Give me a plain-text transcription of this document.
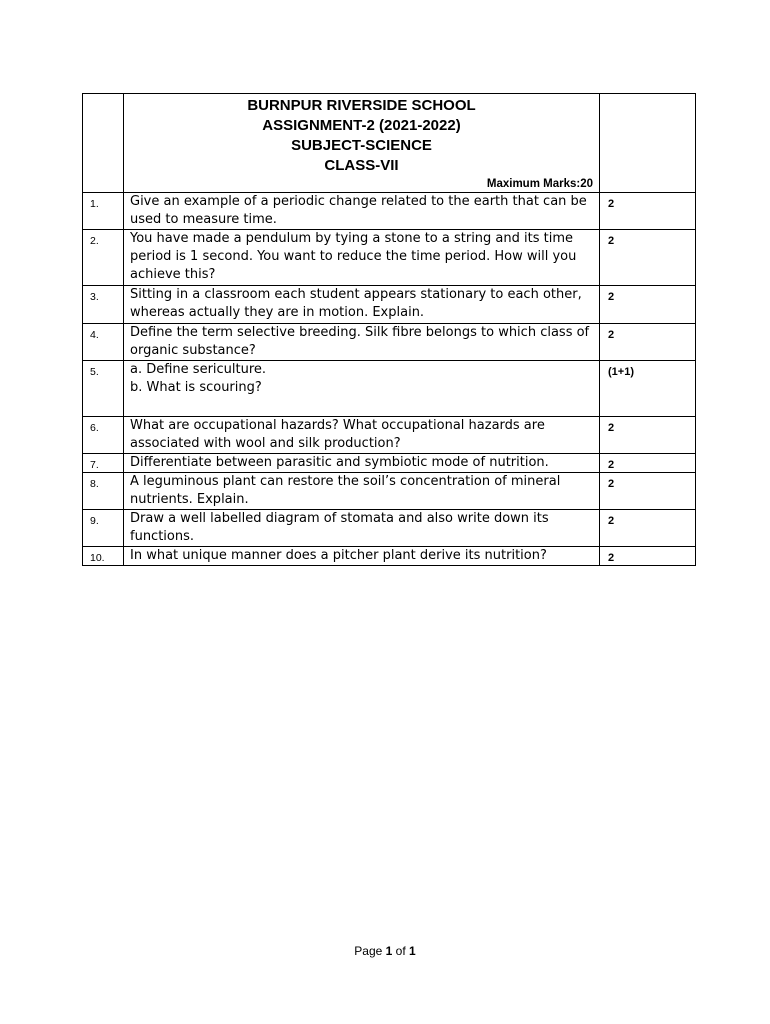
	BURNPUR RIVERSIDE SCHOOL
ASSIGNMENT-2 (2021-2022)
SUBJECT-SCIENCE
CLASS-VII
Maximum Marks:20	

1.	Give an example of a periodic change related to the earth that can be used to measure time.	2
2.	You have made a pendulum by tying a stone to a string and its time period is 1 second. You want to reduce the time period. How will you achieve this?	2
3.	Sitting in a classroom each student appears stationary to each other, whereas actually they are in motion. Explain.	2
4.	Define the term selective breeding. Silk fibre belongs to which class of organic substance?	2
5.	a. Define sericulture.
b. What is scouring?	(1+1)
6.	What are occupational hazards? What occupational hazards are associated with wool and silk production?	2
7.	Differentiate between parasitic and symbiotic mode of nutrition.	2
8.	A leguminous plant can restore the soil’s concentration of mineral nutrients. Explain.	2
9.	Draw a well labelled diagram of stomata and also write down its functions.	2
10.	In what unique manner does a pitcher plant derive its nutrition?	2
Page 1 of 1
